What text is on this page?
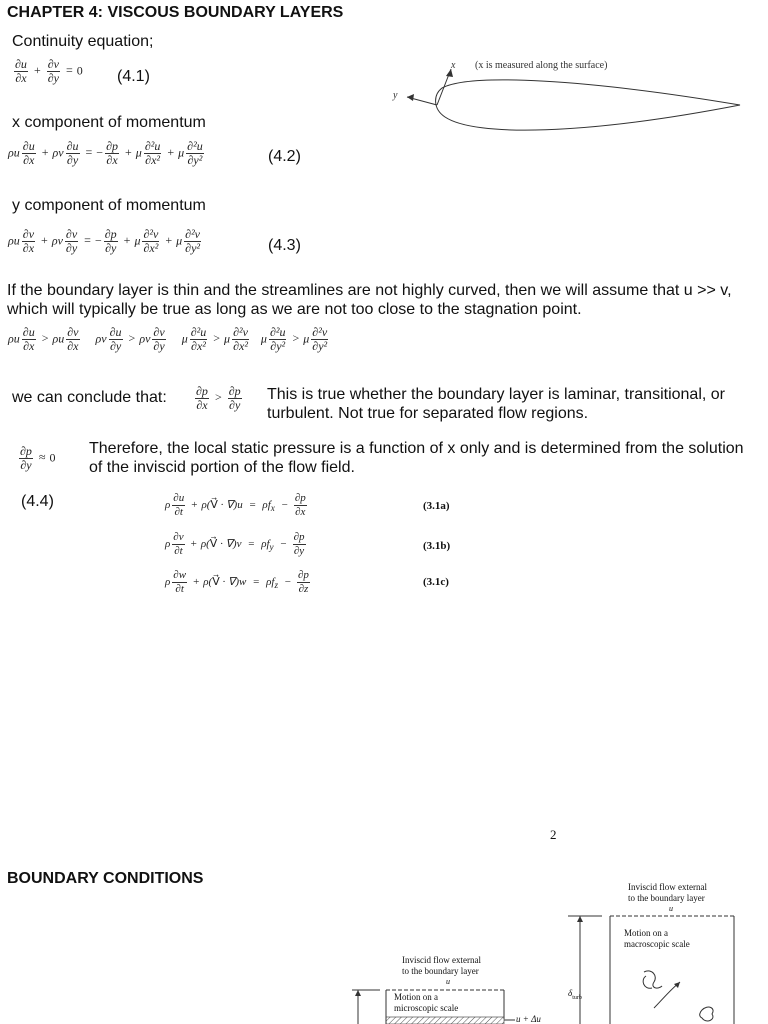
CHAPTER 4: VISCOUS BOUNDARY LAYERS
Continuity equation;
$\frac{\partial u}{\partial x} + \frac{\partial v}{\partial y} = 0$ (4.1)
x
y
(x is measured along the surface)
x component of momentum
ρu $\frac{\partial u}{\partial x} + \rho v \frac{\partial u}{\partial y}$ = − $\frac{\partial p}{\partial x} + \mu \frac{\text{∂²u}}{\text{∂x²}} + \mu \frac{\text{∂²u}}{\text{∂y²}}$	(4.2)
y component of momentum
ρu $\frac{\partial v}{\partial x} + \rho v \frac{\partial v}{\partial y}$ = − $\frac{\partial p}{\partial y} + \mu \frac{\text{∂²v}}{\text{∂x²}} + \mu \frac{\text{∂²v}}{\text{∂y²}}$	(4.3)
If the boundary layer is thin and the streamlines are not highly curved, then we will assume that u >> v, which will typically be true as long as we are not too close to the stagnation point.
ρu $\frac{\partial u}{\partial x} > \rho u \frac{\partial v}{\partial x}$ ρv $\frac{\partial u}{\partial y} > \rho v \frac{\partial v}{\partial y}$ μ $\frac{\text{∂²u}}{\text{∂x²}} > \mu \frac{\text{∂²v}}{\text{∂x²}}$ μ $\frac{\text{∂²u}}{\text{∂y²}} > \mu \frac{\text{∂²v}}{\text{∂y²}}$
we can conclude that: $\frac{\partial p}{\partial x} > \frac{\partial p}{\partial y}$ This is true whether the boundary layer is laminar, transitional, or turbulent. Not true for separated flow regions.
$\frac{\partial p}{\partial y} \approx 0$
Therefore, the local static pressure is a function of x only and is determined from the solution of the inviscid portion of the flow field.
(4.4)	ρ $\frac{\partial u}{\partial t}$ + ρ(V⃗ · $\nabla)u = \rho f_x - \frac{\partial p}{\partial x}$	(3.1a)
ρ $\frac{\partial v}{\partial t}$ + ρ(V⃗ · $\nabla)v = \rho f_y - \frac{\partial p}{\partial y}$	(3.1b)
ρ $\frac{\partial w}{\partial t}$ + ρ(V⃗ · $\nabla)w = \rho f_z - \frac{\partial p}{\partial z}$	(3.1c)
2
BOUNDARY CONDITIONS
Inviscid flow external
to the boundary layer
u
Motion on a
microscopic scale
u + Δu
Inviscid flow external
to the boundary layer
u
Motion on a
macroscopic scale
$\delta_{turb}$
